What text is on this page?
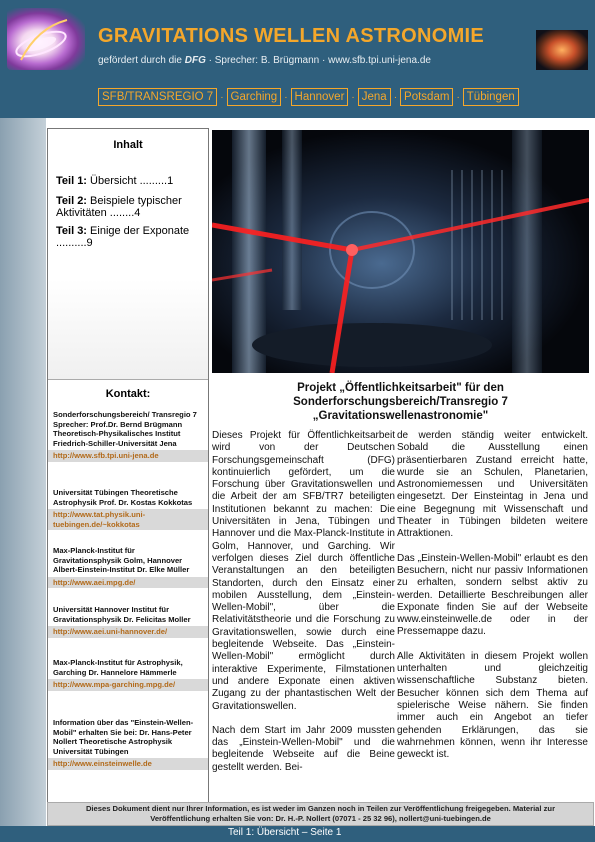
GRAVITATIONS WELLEN ASTRONOMIE
gefördert durch die DFG · Sprecher: B. Brügmann · www.sfb.tpi.uni-jena.de
SFB/TRANSREGIO 7 · Garching · Hannover · Jena · Potsdam · Tübingen
Inhalt
Teil 1: Übersicht .........1
Teil 2: Beispiele typischer Aktivitäten ........4
Teil 3: Einige der Exponate ..........9
Kontakt:
Sonderforschungsbereich/ Transregio 7 Sprecher: Prof.Dr. Bernd Brügmann Theoretisch-Physikalisches Institut Friedrich-Schiller-Universität Jena
http://www.sfb.tpi.uni-jena.de
Universität Tübingen Theoretische Astrophysik Prof. Dr. Kostas Kokkotas
http://www.tat.physik.uni-tuebingen.de/~kokkotas
Max-Planck-Institut für Gravitationsphysik Golm, Hannover Albert-Einstein-Institut Dr. Elke Müller
http://www.aei.mpg.de/
Universität Hannover Institut für Gravitationsphysik Dr. Felicitas Moller
http://www.aei.uni-hannover.de/
Max-Planck-Institut für Astrophysik, Garching Dr. Hannelore Hämmerle
http://www.mpa-garching.mpg.de/
Information über das "Einstein-Wellen-Mobil" erhalten Sie bei: Dr. Hans-Peter Nollert Theoretische Astrophysik Universität Tübingen
http://www.einsteinwelle.de
Projekt „Öffentlichkeitsarbeit" für den
Sonderforschungsbereich/Transregio 7
„Gravitationswellenastronomie"

Dieses Projekt für Öffentlichkeitsarbeit wird von der Deutschen Forschungsgemeinschaft (DFG) kontinuierlich gefördert, um die Forschung über Gravitationswellen und die Arbeit der am SFB/TR7 beteiligten Institutionen bekannt zu machen: Die Universitäten in Jena, Tübingen und Hannover und die Max-Planck-Institute in Golm, Hannover, und Garching. Wir verfolgen dieses Ziel durch öffentliche Veranstaltungen an den beteiligten Standorten, durch den Einsatz einer mobilen Ausstellung, dem „Einstein-Wellen-Mobil", über die Relativitätstheorie und die Forschung zu Gravitationswellen, sowie durch eine begleitende Webseite. Das „Einstein-Wellen-Mobil" ermöglicht durch interaktive Experimente, Filmstationen und andere Exponate einen aktiven Zugang zu der phantastischen Welt der Gravitationswellen.

Nach dem Start im Jahr 2009 mussten das „Einstein-Wellen-Mobil" und die begleitende Webseite auf die Beine gestellt werden. Bei-

de werden ständig weiter entwickelt. Sobald die Ausstellung einen präsentierbaren Zustand erreicht hatte, wurde sie an Schulen, Planetarien, Astronomiemessen und Universitäten eingesetzt. Der Einsteintag in Jena und eine Begegnung mit Wissenschaft und Theater in Tübingen bildeten weitere Attraktionen.

Das „Einstein-Wellen-Mobil" erlaubt es den Besuchern, nicht nur passiv Informationen zu erhalten, sondern selbst aktiv zu werden. Detaillierte Beschreibungen aller Exponate finden Sie auf der Webseite www.einsteinwelle.de oder in der Pressemappe dazu.

Alle Aktivitäten in diesem Projekt wollen unterhalten und gleichzeitig wissenschaftliche Substanz bieten. Besucher können sich dem Thema auf spielerische Weise nähern. Sie finden immer auch ein Angebot an tiefer gehenden Erklärungen, das sie wahrnehmen können, wenn ihr Interesse geweckt ist.

Dieses Dokument dient nur Ihrer Information, es ist weder im Ganzen noch in Teilen zur Veröffentlichung freigegeben. Material zur Veröffentlichung erhalten Sie von: Dr. H.-P. Nollert (07071 - 25 32 96), nollert@uni-tuebingen.de
Teil 1: Übersicht – Seite 1
